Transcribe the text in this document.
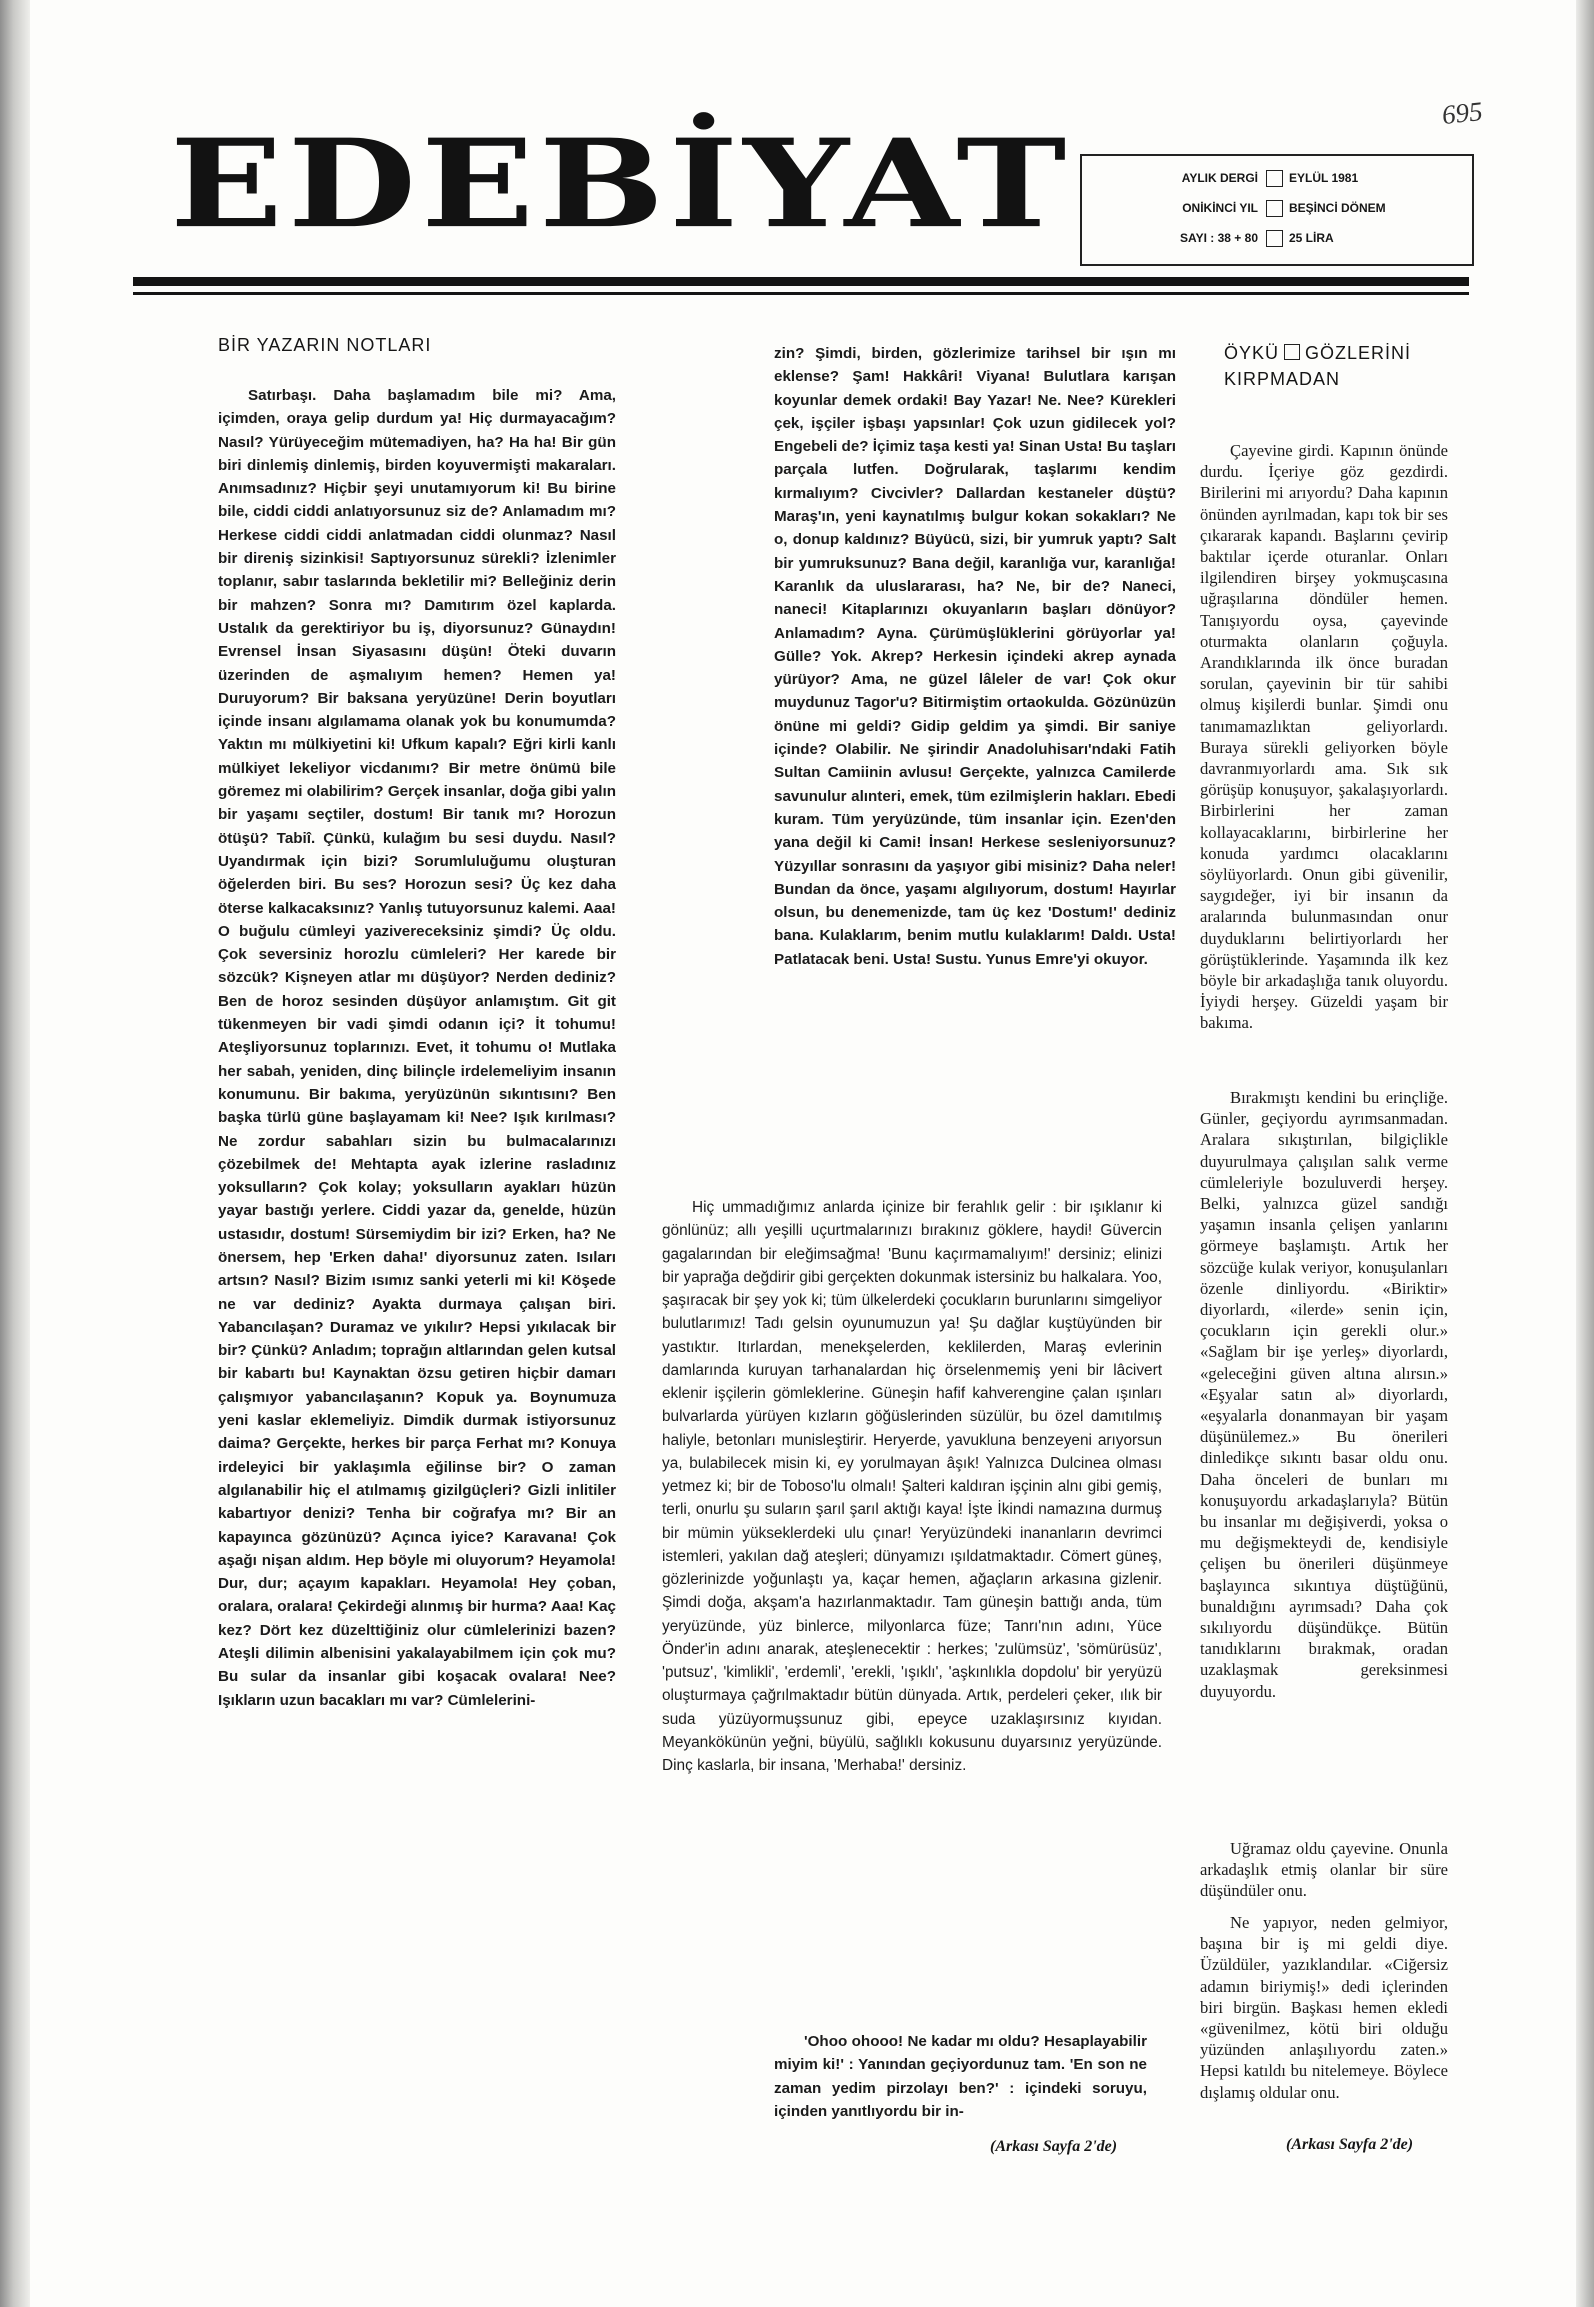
695
EDEBİYAT	AYLIK DERGİ	EYLÜL 1981
ONİKİNCİ YIL	BEŞİNCİ DÖNEM
SAYI : 38 + 80	25 LİRA
BİR YAZARIN NOTLARI

Satırbaşı. Daha başlamadım bile mi? Ama, içimden, oraya gelip durdum ya! Hiç durmayacağım? Nasıl? Yürüyeceğim mütemadiyen, ha? Ha ha! Bir gün biri dinlemiş dinlemiş, birden koyuvermişti makaraları. Anımsadınız? Hiçbir şeyi unutamıyorum ki! Bu birine bile, ciddi ciddi anlatıyorsunuz siz de? Anlamadım mı? Herkese ciddi ciddi anlatmadan ciddi olunmaz? Nasıl bir direniş sizinkisi! Saptıyorsunuz sürekli? İzlenimler toplanır, sabır taslarında bekletilir mi? Belleğiniz derin bir mahzen? Sonra mı? Damıtırım özel kaplarda. Ustalık da gerektiriyor bu iş, diyorsunuz? Günaydın! Evrensel İnsan Siyasasını düşün! Öteki duvarın üzerinden de aşmalıyım hemen? Hemen ya! Duruyorum? Bir baksana yeryüzüne! Derin boyutları içinde insanı algılamama olanak yok bu konumumda? Yaktın mı mülkiyetini ki! Ufkum kapalı? Eğri kirli kanlı mülkiyet lekeliyor vicdanımı? Bir metre önümü bile göremez mi olabilirim? Gerçek insanlar, doğa gibi yalın bir yaşamı seçtiler, dostum! Bir tanık mı? Horozun ötüşü? Tabiî. Çünkü, kulağım bu sesi duydu. Nasıl? Uyandırmak için bizi? Sorumluluğumu oluşturan öğelerden biri. Bu ses? Horozun sesi? Üç kez daha öterse kalkacaksınız? Yanlış tutuyorsunuz kalemi. Aaa! O buğulu cümleyi yazivereceksiniz şimdi? Üç oldu. Çok seversiniz horozlu cümleleri? Her karede bir sözcük? Kişneyen atlar mı düşüyor? Nerden dediniz? Ben de horoz sesinden düşüyor anlamıştım. Git git tükenmeyen bir vadi şimdi odanın içi? İt tohumu! Ateşliyorsunuz toplarınızı. Evet, it tohumu o! Mutlaka her sabah, yeniden, dinç bilinçle irdelemeliyim insanın konumunu. Bir bakıma, yeryüzünün sıkıntısını? Ben başka türlü güne başlayamam ki! Nee? Işık kırılması? Ne zordur sabahları sizin bu bulmacalarınızı çözebilmek de! Mehtapta ayak izlerine rasladınız yoksulların? Çok kolay; yoksulların ayakları hüzün yayar bastığı yerlere. Ciddi yazar da, genelde, hüzün ustasıdır, dostum! Sürsemiydim bir izi? Erken, ha? Ne önersem, hep 'Erken daha!' diyorsunuz zaten. Isıları artsın? Nasıl? Bizim ısımız sanki yeterli mi ki! Köşede ne var dediniz? Ayakta durmaya çalışan biri. Yabancılaşan? Duramaz ve yıkılır? Hepsi yıkılacak bir bir? Çünkü? Anladım; toprağın altlarından gelen kutsal bir kabartı bu! Kaynaktan özsu getiren hiçbir damarı çalışmıyor yabancılaşanın? Kopuk ya. Boynumuza yeni kaslar eklemeliyiz. Dimdik durmak istiyorsunuz daima? Gerçekte, herkes bir parça Ferhat mı? Konuya irdeleyici bir yaklaşımla eğilinse bir? O zaman algılanabilir hiç el atılmamış gizilgüçleri? Gizli inlitiler kabartıyor denizi? Tenha bir coğrafya mı? Bir an kapayınca gözünüzü? Açınca iyice? Karavana! Çok aşağı nişan aldım. Hep böyle mi oluyorum? Heyamola! Dur, dur; açayım kapakları. Heyamola! Hey çoban, oralara, oralara! Çekirdeği alınmış bir hurma? Aaa! Kaç kez? Dört kez düzelttiğiniz olur cümlelerinizi bazen? Ateşli dilimin albenisini yakalayabilmem için çok mu? Bu sular da insanlar gibi koşacak ovalara! Nee? Işıkların uzun bacakları mı var? Cümlelerini-

zin? Şimdi, birden, gözlerimize tarihsel bir ışın mı eklense? Şam! Hakkâri! Viyana! Bulutlara karışan koyunlar demek ordaki! Bay Yazar! Ne. Nee? Kürekleri çek, işçiler işbaşı yapsınlar! Çok uzun gidilecek yol? Engebeli de? İçimiz taşa kesti ya! Sinan Usta! Bu taşları parçala lutfen. Doğrularak, taşlarımı kendim kırmalıyım? Civcivler? Dallardan kestaneler düştü? Maraş'ın, yeni kaynatılmış bulgur kokan sokakları? Ne o, donup kaldınız? Büyücü, sizi, bir yumruk yaptı? Salt bir yumruksunuz? Bana değil, karanlığa vur, karanlığa! Karanlık da uluslararası, ha? Ne, bir de? Naneci, naneci! Kitaplarınızı okuyanların başları dönüyor? Anlamadım? Ayna. Çürümüşlüklerini görüyorlar ya! Gülle? Yok. Akrep? Herkesin içindeki akrep aynada yürüyor? Ama, ne güzel lâleler de var! Çok okur muydunuz Tagor'u? Bitirmiştim ortaokulda. Gözünüzün önüne mi geldi? Gidip geldim ya şimdi. Bir saniye içinde? Olabilir. Ne şirindir Anadoluhisarı'ndaki Fatih Sultan Camiinin avlusu! Gerçekte, yalnızca Camilerde savunulur alınteri, emek, tüm ezilmişlerin hakları. Ebedi kuram. Tüm yeryüzünde, tüm insanlar için. Ezen'den yana değil ki Cami! İnsan! Herkese sesleniyorsunuz? Yüzyıllar sonrasını da yaşıyor gibi misiniz? Daha neler! Bundan da önce, yaşamı algılıyorum, dostum! Hayırlar olsun, bu denemenizde, tam üç kez 'Dostum!' dediniz bana. Kulaklarım, benim mutlu kulaklarım! Daldı. Usta! Patlatacak beni. Usta! Sustu. Yunus Emre'yi okuyor.

Hiç ummadığımız anlarda içinize bir ferahlık gelir : bir ışıklanır ki gönlünüz; allı yeşilli uçurtmalarınızı bırakınız göklere, haydi! Güvercin gagalarından bir eleğimsağma! 'Bunu kaçırmamalıyım!' dersiniz; elinizi bir yaprağa değdirir gibi gerçekten dokunmak istersiniz bu halkalara. Yoo, şaşıracak bir şey yok ki; tüm ülkelerdeki çocukların burunlarını simgeliyor bulutlarımız! Tadı gelsin oyunumuzun ya! Şu dağlar kuştüyünden bir yastıktır. Itırlardan, menekşelerden, keklilerden, Maraş evlerinin damlarında kuruyan tarhanalardan hiç örselenmemiş yeni bir lâcivert eklenir işçilerin gömleklerine. Güneşin hafif kahverengine çalan ışınları bulvarlarda yürüyen kızların göğüslerinden süzülür, bu özel damıtılmış haliyle, betonları munisleştirir. Heryerde, yavukluna benzeyeni arıyorsun ya, bulabilecek misin ki, ey yorulmayan âşık! Yalnızca Dulcinea olması yetmez ki; bir de Toboso'lu olmalı! Şalteri kaldıran işçinin alnı gibi gemiş, terli, onurlu şu suların şarıl şarıl aktığı kaya! İşte İkindi namazına durmuş bir mümin yükseklerdeki ulu çınar! Yeryüzündeki inananların devrimci istemleri, yakılan dağ ateşleri; dünyamızı ışıldatmaktadır. Cömert güneş, gözlerinizde yoğunlaştı ya, kaçar hemen, ağaçların arkasına gizlenir. Şimdi doğa, akşam'a hazırlanmaktadır. Tam güneşin battığı anda, tüm yeryüzünde, yüz binlerce, milyonlarca füze; Tanrı'nın adını, Yüce Önder'in adını anarak, ateşlenecektir : herkes; 'zulümsüz', 'sömürüsüz', 'putsuz', 'kimlikli', 'erdemli', 'erekli, 'ışıklı', 'aşkınlıkla dopdolu' bir yeryüzü oluşturmaya çağrılmaktadır bütün dünyada. Artık, perdeleri çeker, ılık bir suda yüzüyormuşsunuz gibi, epeyce uzaklaşırsınız kıyıdan. Meyankökünün yeğni, büyülü, sağlıklı kokusunu duyarsınız yeryüzünde. Dinç kaslarla, bir insana, 'Merhaba!' dersiniz.

'Ohoo ohooo! Ne kadar mı oldu? Hesaplayabilir miyim ki!' : Yanından geçiyordunuz tam. 'En son ne zaman yedim pirzolayı ben?' : içindeki soruyu, içinden yanıtlıyordu bir in-

(Arkası Sayfa 2'de)
ÖYKÜ GÖZLERİNİ KIRPMADAN

Çayevine girdi. Kapının önünde durdu. İçeriye göz gezdirdi. Birilerini mi arıyordu? Daha kapının önünden ayrılmadan, kapı tok bir ses çıkararak kapandı. Başlarını çevirip baktılar içerde oturanlar. Onları ilgilendiren birşey yokmuşcasına uğraşılarına döndüler hemen. Tanışıyordu oysa, çayevinde oturmakta olanların çoğuyla. Arandıklarında ilk önce buradan sorulan, çayevinin bir tür sahibi olmuş kişilerdi bunlar. Şimdi onu tanımamazlıktan geliyorlardı. Buraya sürekli geliyorken böyle davranmıyorlardı ama. Sık sık görüşüp konuşuyor, şakalaşıyorlardı. Birbirlerini her zaman kollayacaklarını, birbirlerine her konuda yardımcı olacaklarını söylüyorlardı. Onun gibi güvenilir, saygıdeğer, iyi bir insanın da aralarında bulunmasından onur duyduklarını belirtiyorlardı her görüştüklerinde. Yaşamında ilk kez böyle bir arkadaşlığa tanık oluyordu. İyiydi herşey. Güzeldi yaşam bir bakıma.

Bırakmıştı kendini bu erinçliğe. Günler, geçiyordu ayrımsanmadan. Aralara sıkıştırılan, bilgiçlikle duyurulmaya çalışılan salık verme cümleleriyle bozuluverdi herşey. Belki, yalnızca güzel sandığı yaşamın insanla çelişen yanlarını görmeye başlamıştı. Artık her sözcüğe kulak veriyor, konuşulanları özenle dinliyordu. «Biriktir» diyorlardı, «ilerde» senin için, çocukların için gerekli olur.» «Sağlam bir işe yerleş» diyorlardı, «geleceğini güven altına alırsın.» «Eşyalar satın al» diyorlardı, «eşyalarla donanmayan bir yaşam düşünülemez.» Bu önerileri dinledikçe sıkıntı basar oldu onu. Daha önceleri de bunları mı konuşuyordu arkadaşlarıyla? Bütün bu insanlar mı değişiverdi, yoksa o mu değişmekteydi de, kendisiyle çelişen bu önerileri düşünmeye başlayınca sıkıntıya düştüğünü, bunaldığını ayrımsadı? Daha çok sıkılıyordu düşündükçe. Bütün tanıdıklarını bırakmak, oradan uzaklaşmak gereksinmesi duyuyordu.

Uğramaz oldu çayevine. Onunla arkadaşlık etmiş olanlar bir süre düşündüler onu.

Ne yapıyor, neden gelmiyor, başına bir iş mi geldi diye. Üzüldüler, yazıklandılar. «Ciğersiz adamın biriymiş!» dedi içlerinden biri birgün. Başkası hemen ekledi «güvenilmez, kötü biri olduğu yüzünden anlaşılıyordu zaten.» Hepsi katıldı bu nitelemeye. Böylece dışlamış oldular onu.

(Arkası Sayfa 2'de)
